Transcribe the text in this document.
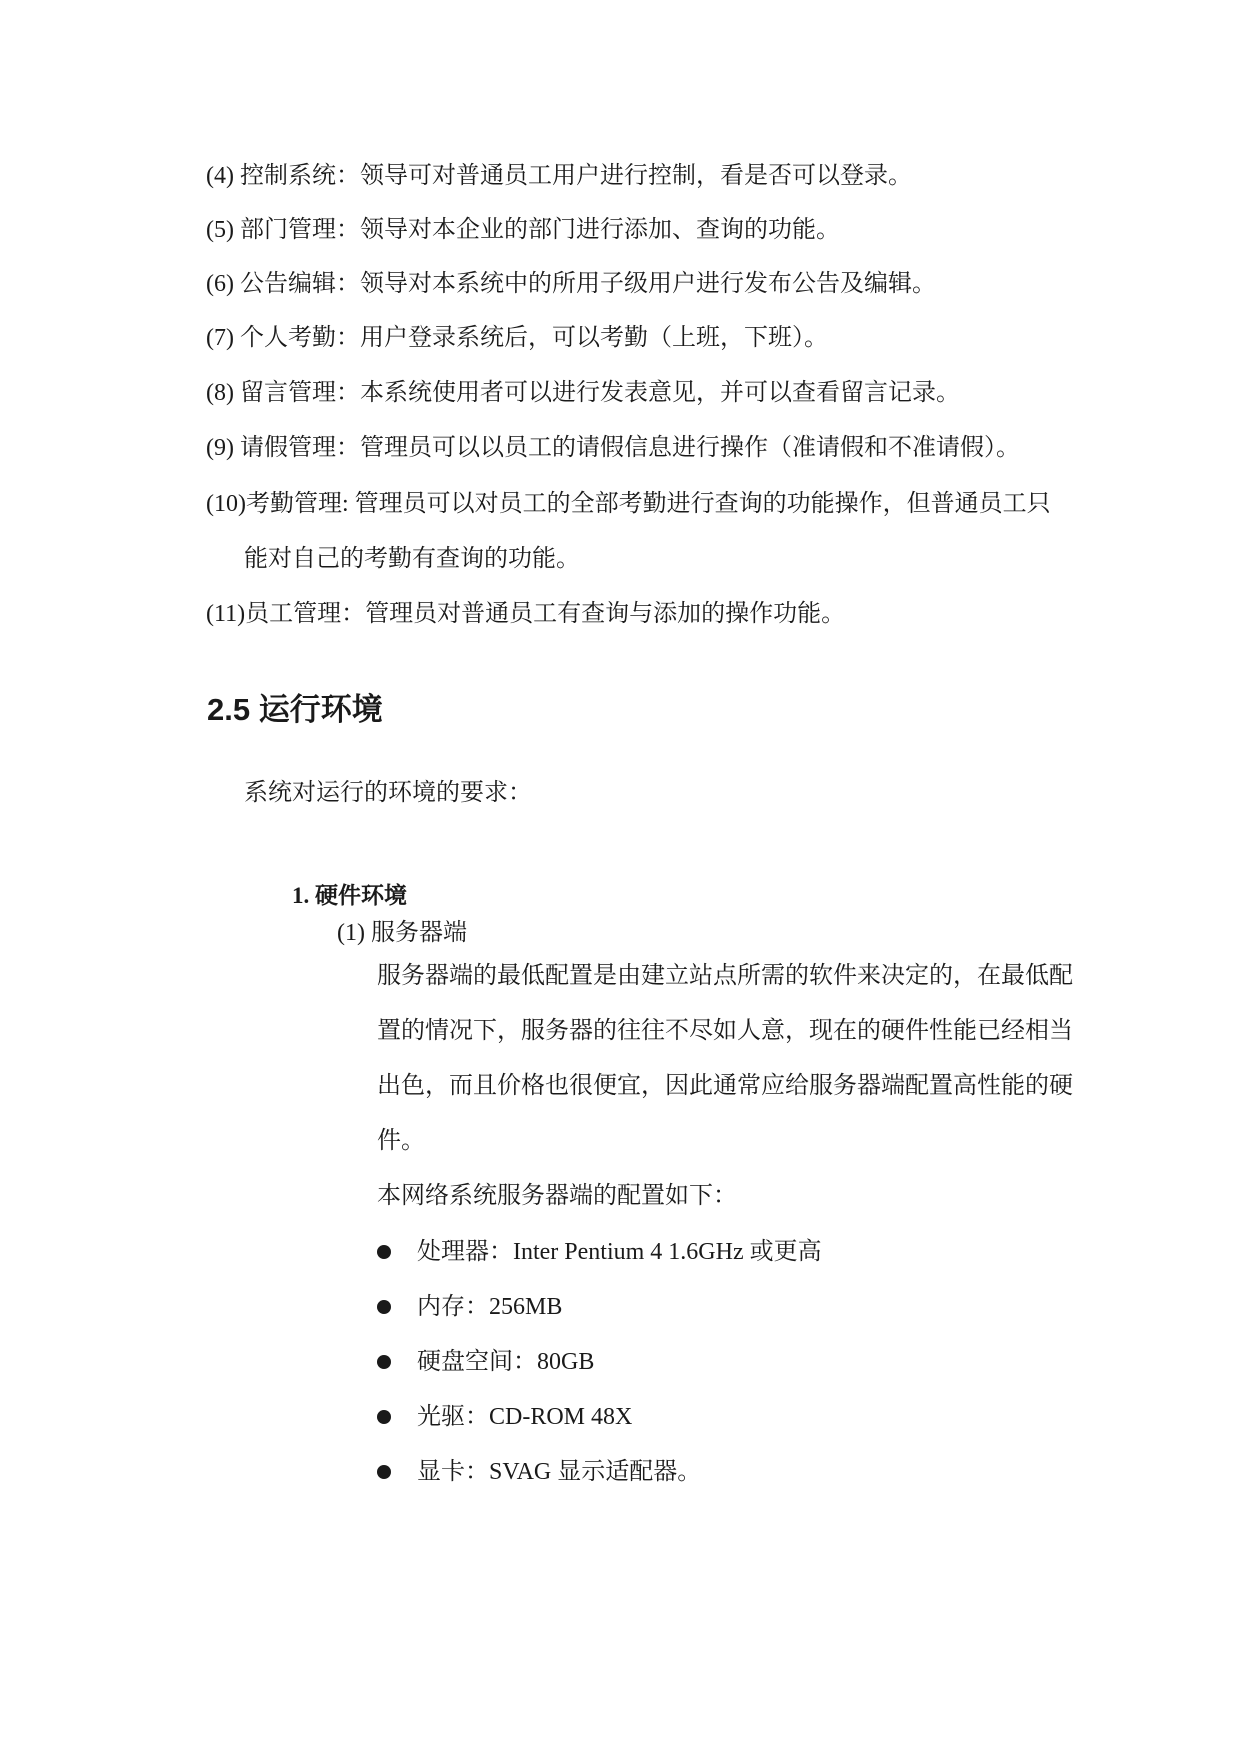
(4) 控制系统：领导可对普通员工用户进行控制，看是否可以登录。
(5) 部门管理：领导对本企业的部门进行添加、查询的功能。
(6) 公告编辑：领导对本系统中的所用子级用户进行发布公告及编辑。
(7) 个人考勤：用户登录系统后，可以考勤（上班，下班）。
(8) 留言管理：本系统使用者可以进行发表意见，并可以查看留言记录。
(9) 请假管理：管理员可以以员工的请假信息进行操作（准请假和不准请假）。
(10)考勤管理: 管理员可以对员工的全部考勤进行查询的功能操作，但普通员工只
能对自己的考勤有查询的功能。
(11)员工管理：管理员对普通员工有查询与添加的操作功能。
2.5 运行环境
系统对运行的环境的要求：
1. 硬件环境
(1) 服务器端
服务器端的最低配置是由建立站点所需的软件来决定的，在最低配
置的情况下，服务器的往往不尽如人意，现在的硬件性能已经相当
出色，而且价格也很便宜，因此通常应给服务器端配置高性能的硬
件。
本网络系统服务器端的配置如下：
处理器：Inter Pentium 4 1.6GHz 或更高
内存：256MB
硬盘空间：80GB
光驱：CD-ROM 48X
显卡：SVAG 显示适配器。
